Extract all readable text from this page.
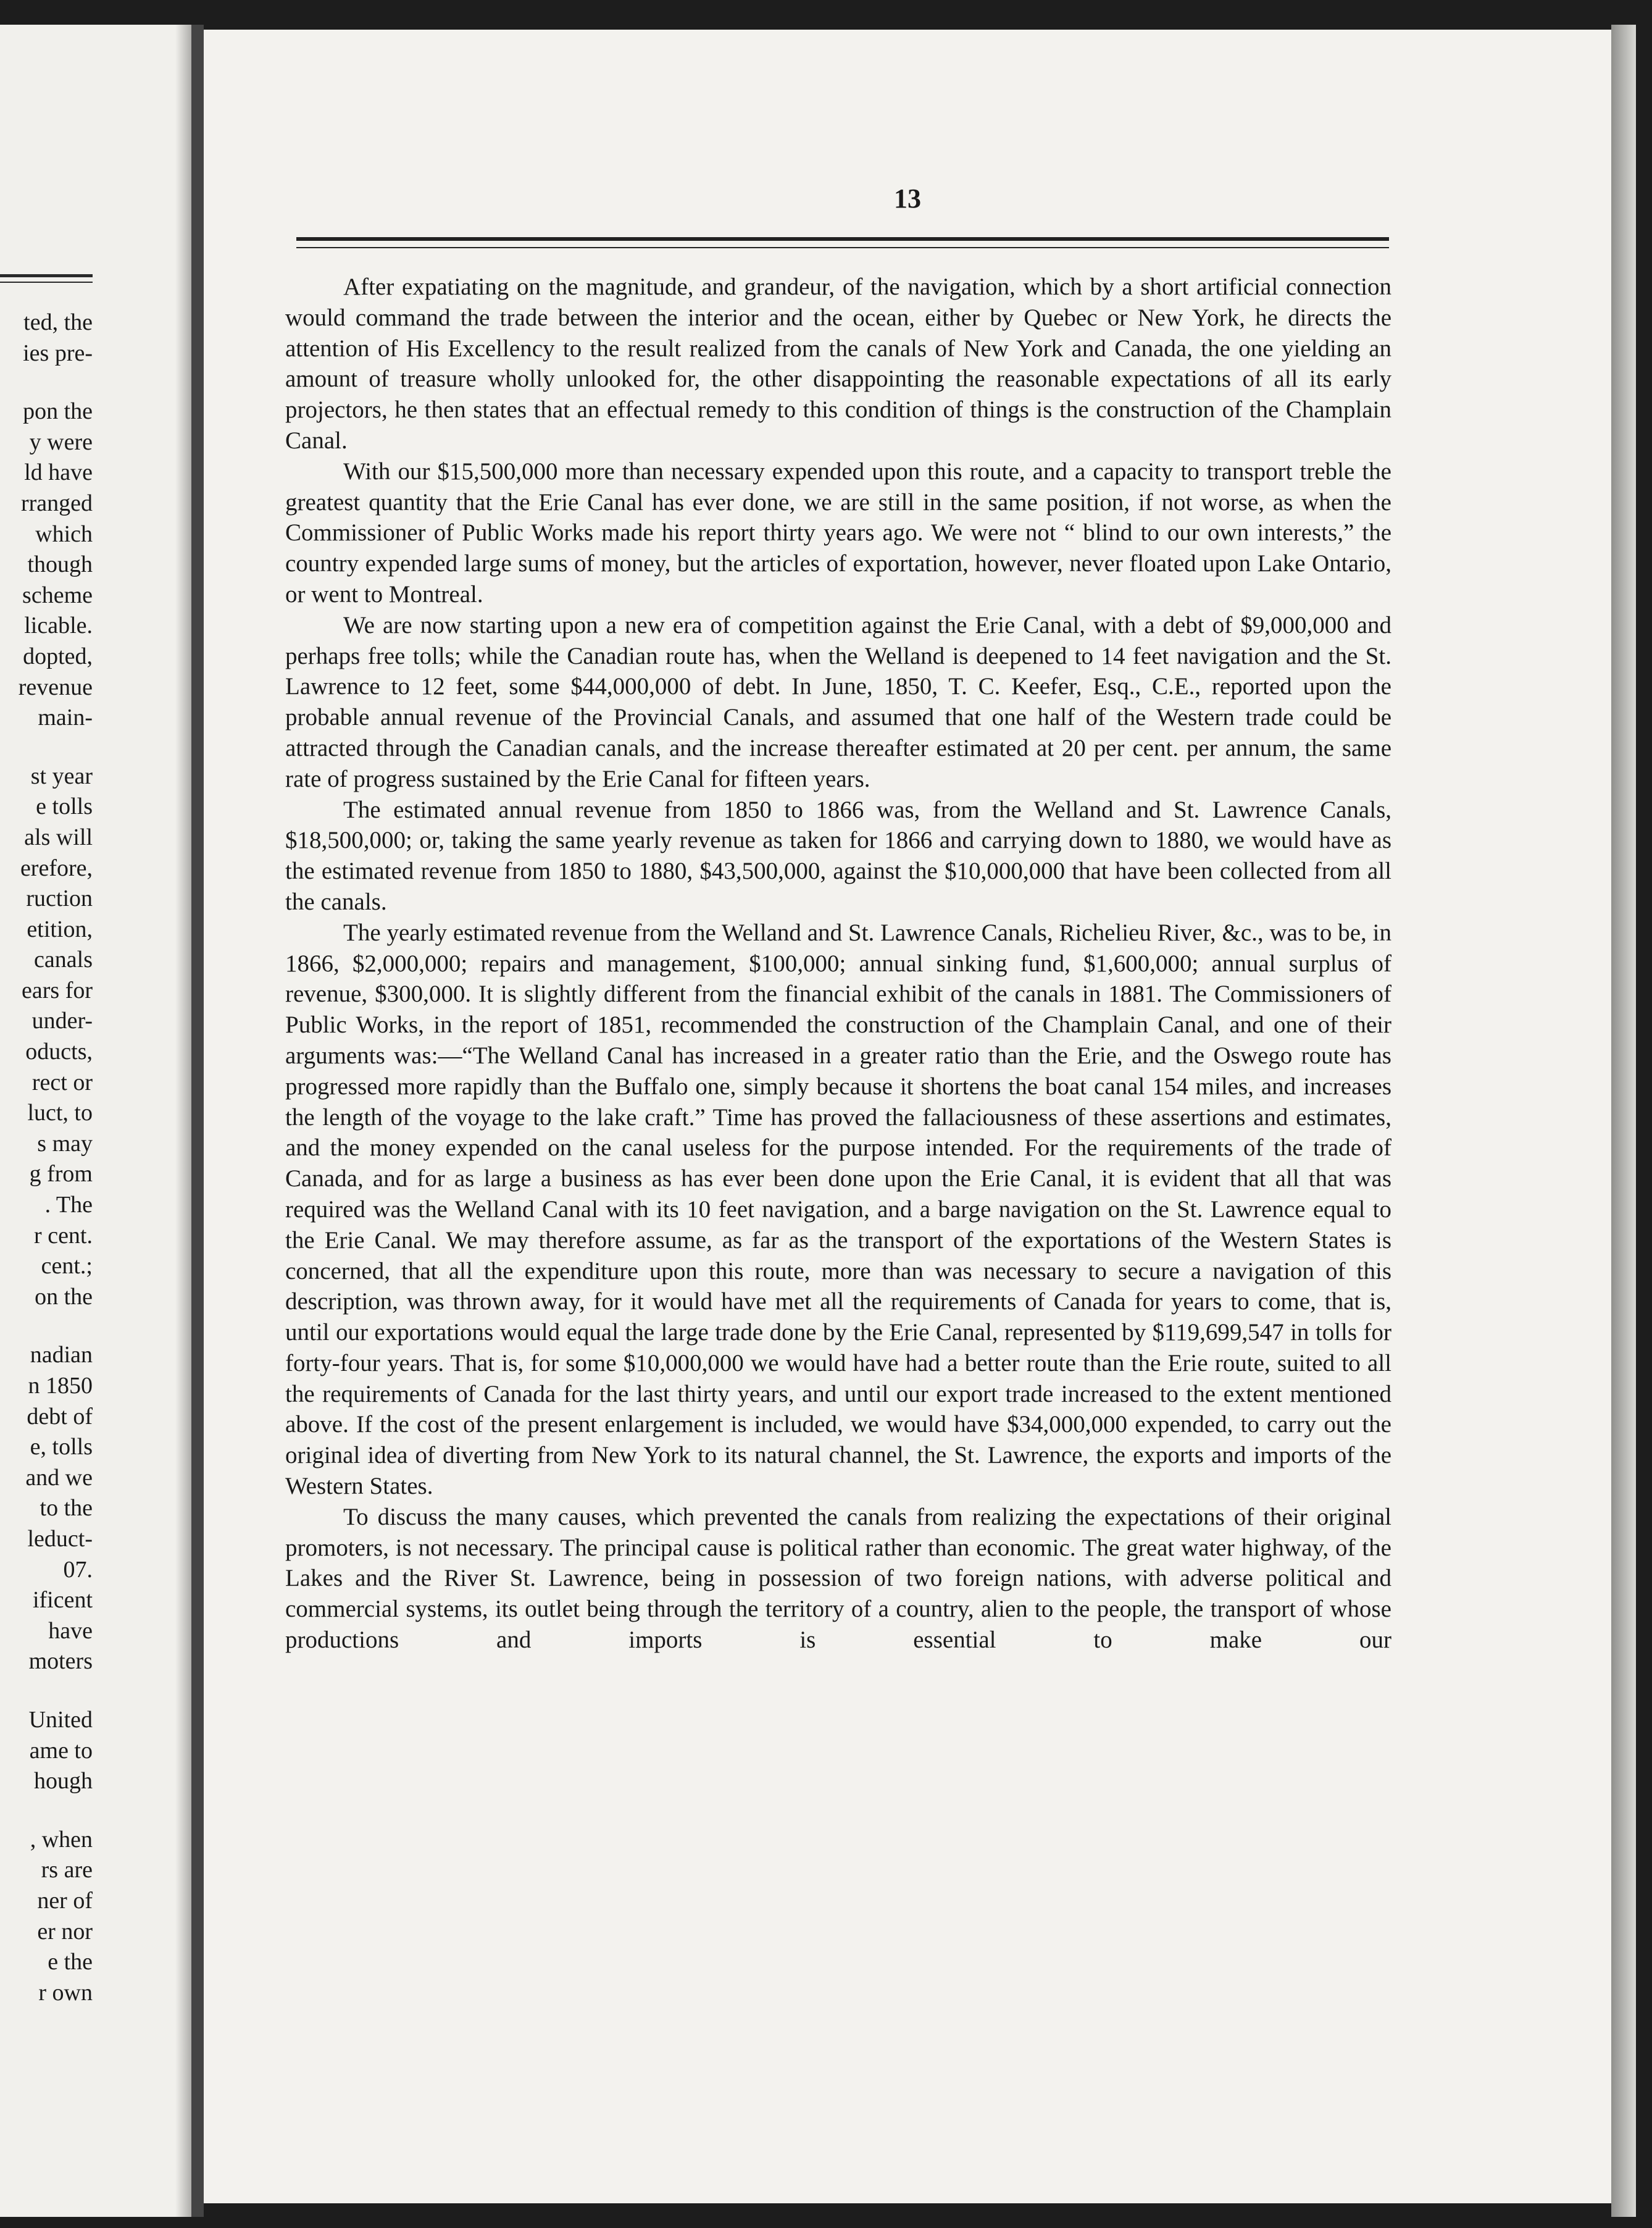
ted, the
ies pre-
pon the
y were
ld have
rranged
which
though
scheme
licable.
dopted,
revenue
main-
st year
e tolls
als will
erefore,
ruction
etition,
canals
ears for
under-
oducts,
rect or
luct, to
s may
g from
. The
r cent.
cent.;
on the
nadian
n 1850
debt of
e, tolls
and we
to the
leduct-
07.
ificent
have
moters
United
ame to
hough
, when
rs are
ner of
er nor
e the
r own
13

After expatiating on the magnitude, and grandeur, of the navigation, which by a short artificial connection would command the trade between the interior and the ocean, either by Quebec or New York, he directs the attention of His Excellency to the result realized from the canals of New York and Canada, the one yielding an amount of treasure wholly unlooked for, the other disappointing the reasonable expectations of all its early projectors, he then states that an effectual remedy to this condition of things is the construction of the Champlain Canal.

With our $15,500,000 more than necessary expended upon this route, and a capacity to transport treble the greatest quantity that the Erie Canal has ever done, we are still in the same position, if not worse, as when the Commissioner of Public Works made his report thirty years ago. We were not “ blind to our own interests,” the country expended large sums of money, but the articles of exportation, however, never floated upon Lake Ontario, or went to Montreal.

We are now starting upon a new era of competition against the Erie Canal, with a debt of $9,000,000 and perhaps free tolls; while the Canadian route has, when the Welland is deepened to 14 feet navigation and the St. Lawrence to 12 feet, some $44,000,000 of debt. In June, 1850, T. C. Keefer, Esq., C.E., reported upon the probable annual revenue of the Provincial Canals, and assumed that one half of the Western trade could be attracted through the Canadian canals, and the increase thereafter estimated at 20 per cent. per annum, the same rate of progress sustained by the Erie Canal for fifteen years.

The estimated annual revenue from 1850 to 1866 was, from the Welland and St. Lawrence Canals, $18,500,000; or, taking the same yearly revenue as taken for 1866 and carrying down to 1880, we would have as the estimated revenue from 1850 to 1880, $43,500,000, against the $10,000,000 that have been collected from all the canals.

The yearly estimated revenue from the Welland and St. Lawrence Canals, Richelieu River, &c., was to be, in 1866, $2,000,000; repairs and management, $100,000; annual sinking fund, $1,600,000; annual surplus of revenue, $300,000. It is slightly different from the financial exhibit of the canals in 1881. The Commissioners of Public Works, in the report of 1851, recommended the construction of the Champlain Canal, and one of their arguments was:—“The Welland Canal has increased in a greater ratio than the Erie, and the Oswego route has progressed more rapidly than the Buffalo one, simply because it shortens the boat canal 154 miles, and increases the length of the voyage to the lake craft.” Time has proved the fallaciousness of these assertions and estimates, and the money expended on the canal useless for the purpose intended. For the requirements of the trade of Canada, and for as large a business as has ever been done upon the Erie Canal, it is evident that all that was required was the Welland Canal with its 10 feet navigation, and a barge navigation on the St. Lawrence equal to the Erie Canal. We may therefore assume, as far as the transport of the exportations of the Western States is concerned, that all the expenditure upon this route, more than was necessary to secure a navigation of this description, was thrown away, for it would have met all the requirements of Canada for years to come, that is, until our exportations would equal the large trade done by the Erie Canal, represented by $119,699,547 in tolls for forty-four years. That is, for some $10,000,000 we would have had a better route than the Erie route, suited to all the requirements of Canada for the last thirty years, and until our export trade increased to the extent mentioned above. If the cost of the present enlargement is included, we would have $34,000,000 expended, to carry out the original idea of diverting from New York to its natural channel, the St. Lawrence, the exports and imports of the Western States.

To discuss the many causes, which prevented the canals from realizing the expectations of their original promoters, is not necessary. The principal cause is political rather than economic. The great water highway, of the Lakes and the River St. Lawrence, being in possession of two foreign nations, with adverse political and commercial systems, its outlet being through the territory of a country, alien to the people, the transport of whose productions and imports is essential to make our
